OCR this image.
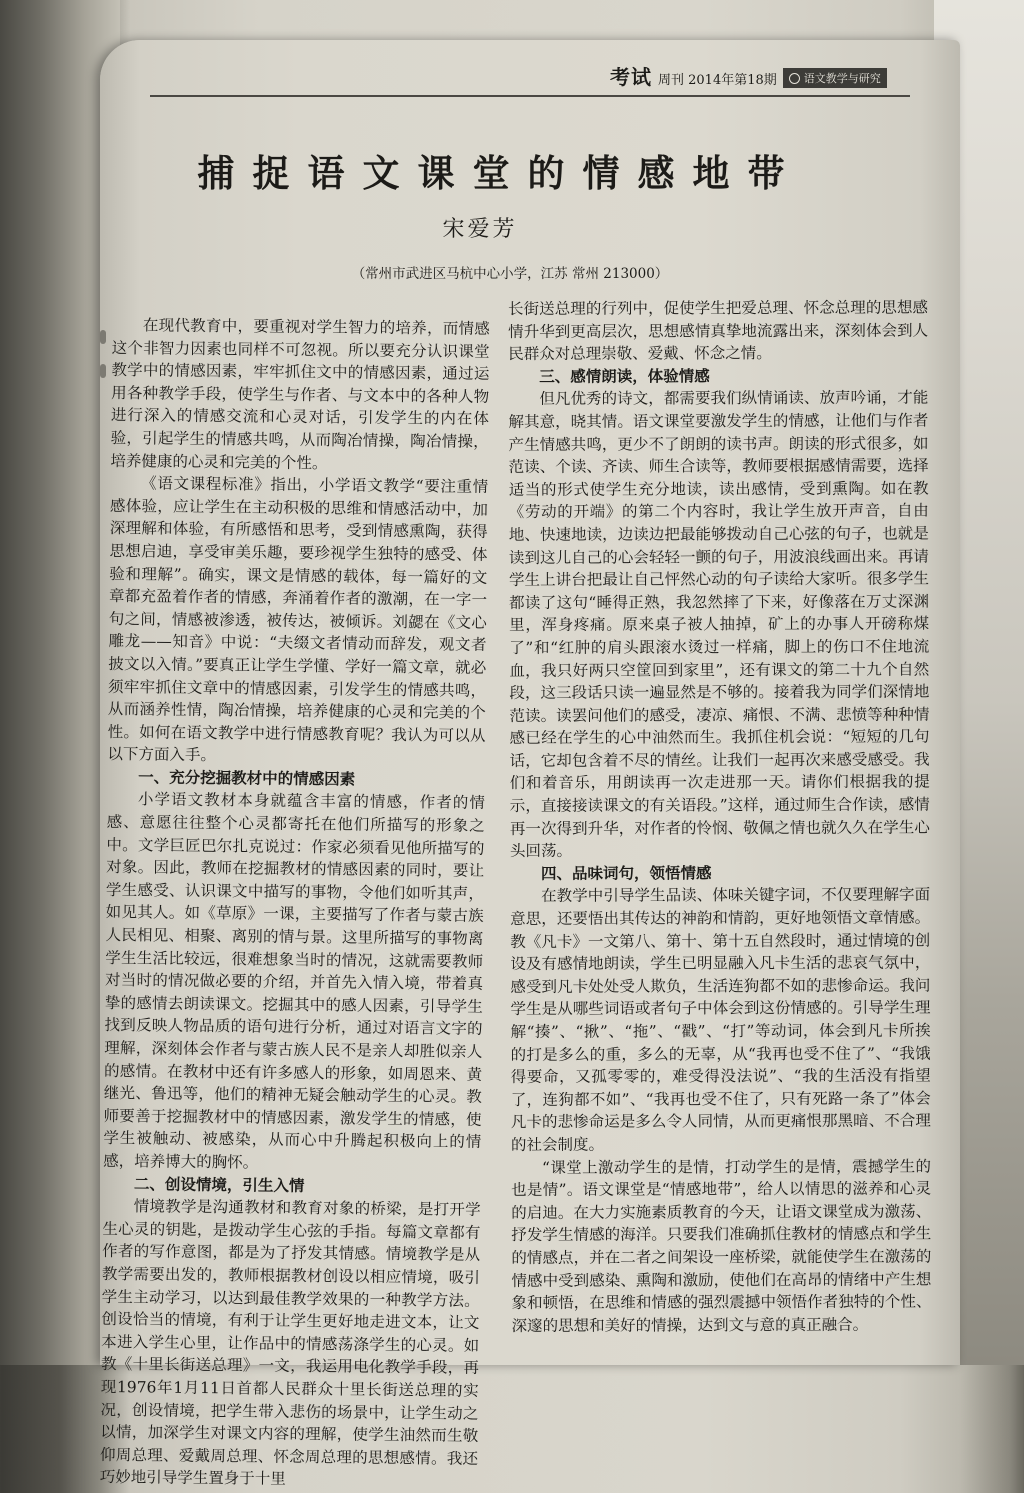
考试 周刊 2014年第18期 语文教学与研究
捕捉语文课堂的情感地带
宋爱芳
（常州市武进区马杭中心小学，江苏 常州 213000）

在现代教育中，要重视对学生智力的培养，而情感这个非智力因素也同样不可忽视。所以要充分认识课堂教学中的情感因素，牢牢抓住文中的情感因素，通过运用各种教学手段，使学生与作者、与文本中的各种人物进行深入的情感交流和心灵对话，引发学生的内在体验，引起学生的情感共鸣，从而陶冶情操，陶冶情操，培养健康的心灵和完美的个性。

《语文课程标准》指出，小学语文教学“要注重情感体验，应让学生在主动积极的思维和情感活动中，加深理解和体验，有所感悟和思考，受到情感熏陶，获得思想启迪，享受审美乐趣，要珍视学生独特的感受、体验和理解”。确实，课文是情感的载体，每一篇好的文章都充盈着作者的情感，奔涌着作者的激潮，在一字一句之间，情感被渗透，被传达，被倾诉。刘勰在《文心雕龙——知音》中说：“夫缀文者情动而辞发，观文者披文以入情。”要真正让学生学懂、学好一篇文章，就必须牢牢抓住文章中的情感因素，引发学生的情感共鸣，从而涵养性情，陶冶情操，培养健康的心灵和完美的个性。如何在语文教学中进行情感教育呢？我认为可以从以下方面入手。

一、充分挖掘教材中的情感因素

小学语文教材本身就蕴含丰富的情感，作者的情感、意愿往往整个心灵都寄托在他们所描写的形象之中。文学巨匠巴尔扎克说过：作家必须看见他所描写的对象。因此，教师在挖掘教材的情感因素的同时，要让学生感受、认识课文中描写的事物，令他们如听其声，如见其人。如《草原》一课，主要描写了作者与蒙古族人民相见、相聚、离别的情与景。这里所描写的事物离学生生活比较远，很难想象当时的情况，这就需要教师对当时的情况做必要的介绍，并首先入情入境，带着真挚的感情去朗读课文。挖掘其中的感人因素，引导学生找到反映人物品质的语句进行分析，通过对语言文字的理解，深刻体会作者与蒙古族人民不是亲人却胜似亲人的感情。在教材中还有许多感人的形象，如周恩来、黄继光、鲁迅等，他们的精神无疑会触动学生的心灵。教师要善于挖掘教材中的情感因素，激发学生的情感，使学生被触动、被感染，从而心中升腾起积极向上的情感，培养博大的胸怀。

二、创设情境，引生入情

情境教学是沟通教材和教育对象的桥梁，是打开学生心灵的钥匙，是拨动学生心弦的手指。每篇文章都有作者的写作意图，都是为了抒发其情感。情境教学是从教学需要出发的，教师根据教材创设以相应情境，吸引学生主动学习，以达到最佳教学效果的一种教学方法。创设恰当的情境，有利于让学生更好地走进文本，让文本进入学生心里，让作品中的情感荡涤学生的心灵。如教《十里长街送总理》一文，我运用电化教学手段，再现1976年1月11日首都人民群众十里长街送总理的实况，创设情境，把学生带入悲伤的场景中，让学生动之以情，加深学生对课文内容的理解，使学生油然而生敬仰周总理、爱戴周总理、怀念周总理的思想感情。我还巧妙地引导学生置身于十里

长街送总理的行列中，促使学生把爱总理、怀念总理的思想感情升华到更高层次，思想感情真挚地流露出来，深刻体会到人民群众对总理崇敬、爱戴、怀念之情。

三、感情朗读，体验情感

但凡优秀的诗文，都需要我们纵情诵读、放声吟诵，才能解其意，晓其情。语文课堂要激发学生的情感，让他们与作者产生情感共鸣，更少不了朗朗的读书声。朗读的形式很多，如范读、个读、齐读、师生合读等，教师要根据感情需要，选择适当的形式使学生充分地读，读出感情，受到熏陶。如在教《劳动的开端》的第二个内容时，我让学生放开声音，自由地、快速地读，边读边把最能够拨动自己心弦的句子，也就是读到这儿自己的心会轻轻一颤的句子，用波浪线画出来。再请学生上讲台把最让自己怦然心动的句子读给大家听。很多学生都读了这句“睡得正熟，我忽然摔了下来，好像落在万丈深渊里，浑身疼痛。原来桌子被人抽掉，矿上的办事人开磅称煤了”和“红肿的肩头跟滚水烫过一样痛，脚上的伤口不住地流血，我只好两只空筐回到家里”，还有课文的第二十九个自然段，这三段话只读一遍显然是不够的。接着我为同学们深情地范读。读罢问他们的感受，凄凉、痛恨、不满、悲愤等种种情感已经在学生的心中油然而生。我抓住机会说：“短短的几句话，它却包含着不尽的情丝。让我们一起再次来感受感受。我们和着音乐，用朗读再一次走进那一天。请你们根据我的提示，直接接读课文的有关语段。”这样，通过师生合作读，感情再一次得到升华，对作者的怜悯、敬佩之情也就久久在学生心头回荡。

四、品味词句，领悟情感

在教学中引导学生品读、体味关键字词，不仅要理解字面意思，还要悟出其传达的神韵和情韵，更好地领悟文章情感。教《凡卡》一文第八、第十、第十五自然段时，通过情境的创设及有感情地朗读，学生已明显融入凡卡生活的悲哀气氛中，感受到凡卡处处受人欺负，生活连狗都不如的悲惨命运。我问学生是从哪些词语或者句子中体会到这份情感的。引导学生理解“揍”、“揪”、“拖”、“戳”、“打”等动词，体会到凡卡所挨的打是多么的重，多么的无辜，从“我再也受不住了”、“我饿得要命，又孤零零的，难受得没法说”、“我的生活没有指望了，连狗都不如”、“我再也受不住了，只有死路一条了”体会凡卡的悲惨命运是多么令人同情，从而更痛恨那黑暗、不合理的社会制度。

“课堂上激动学生的是情，打动学生的是情，震撼学生的也是情”。语文课堂是“情感地带”，给人以情思的滋养和心灵的启迪。在大力实施素质教育的今天，让语文课堂成为激荡、抒发学生情感的海洋。只要我们准确抓住教材的情感点和学生的情感点，并在二者之间架设一座桥梁，就能使学生在激荡的情感中受到感染、熏陶和激励，使他们在高昂的情绪中产生想象和顿悟，在思维和情感的强烈震撼中领悟作者独特的个性、深邃的思想和美好的情操，达到文与意的真正融合。
